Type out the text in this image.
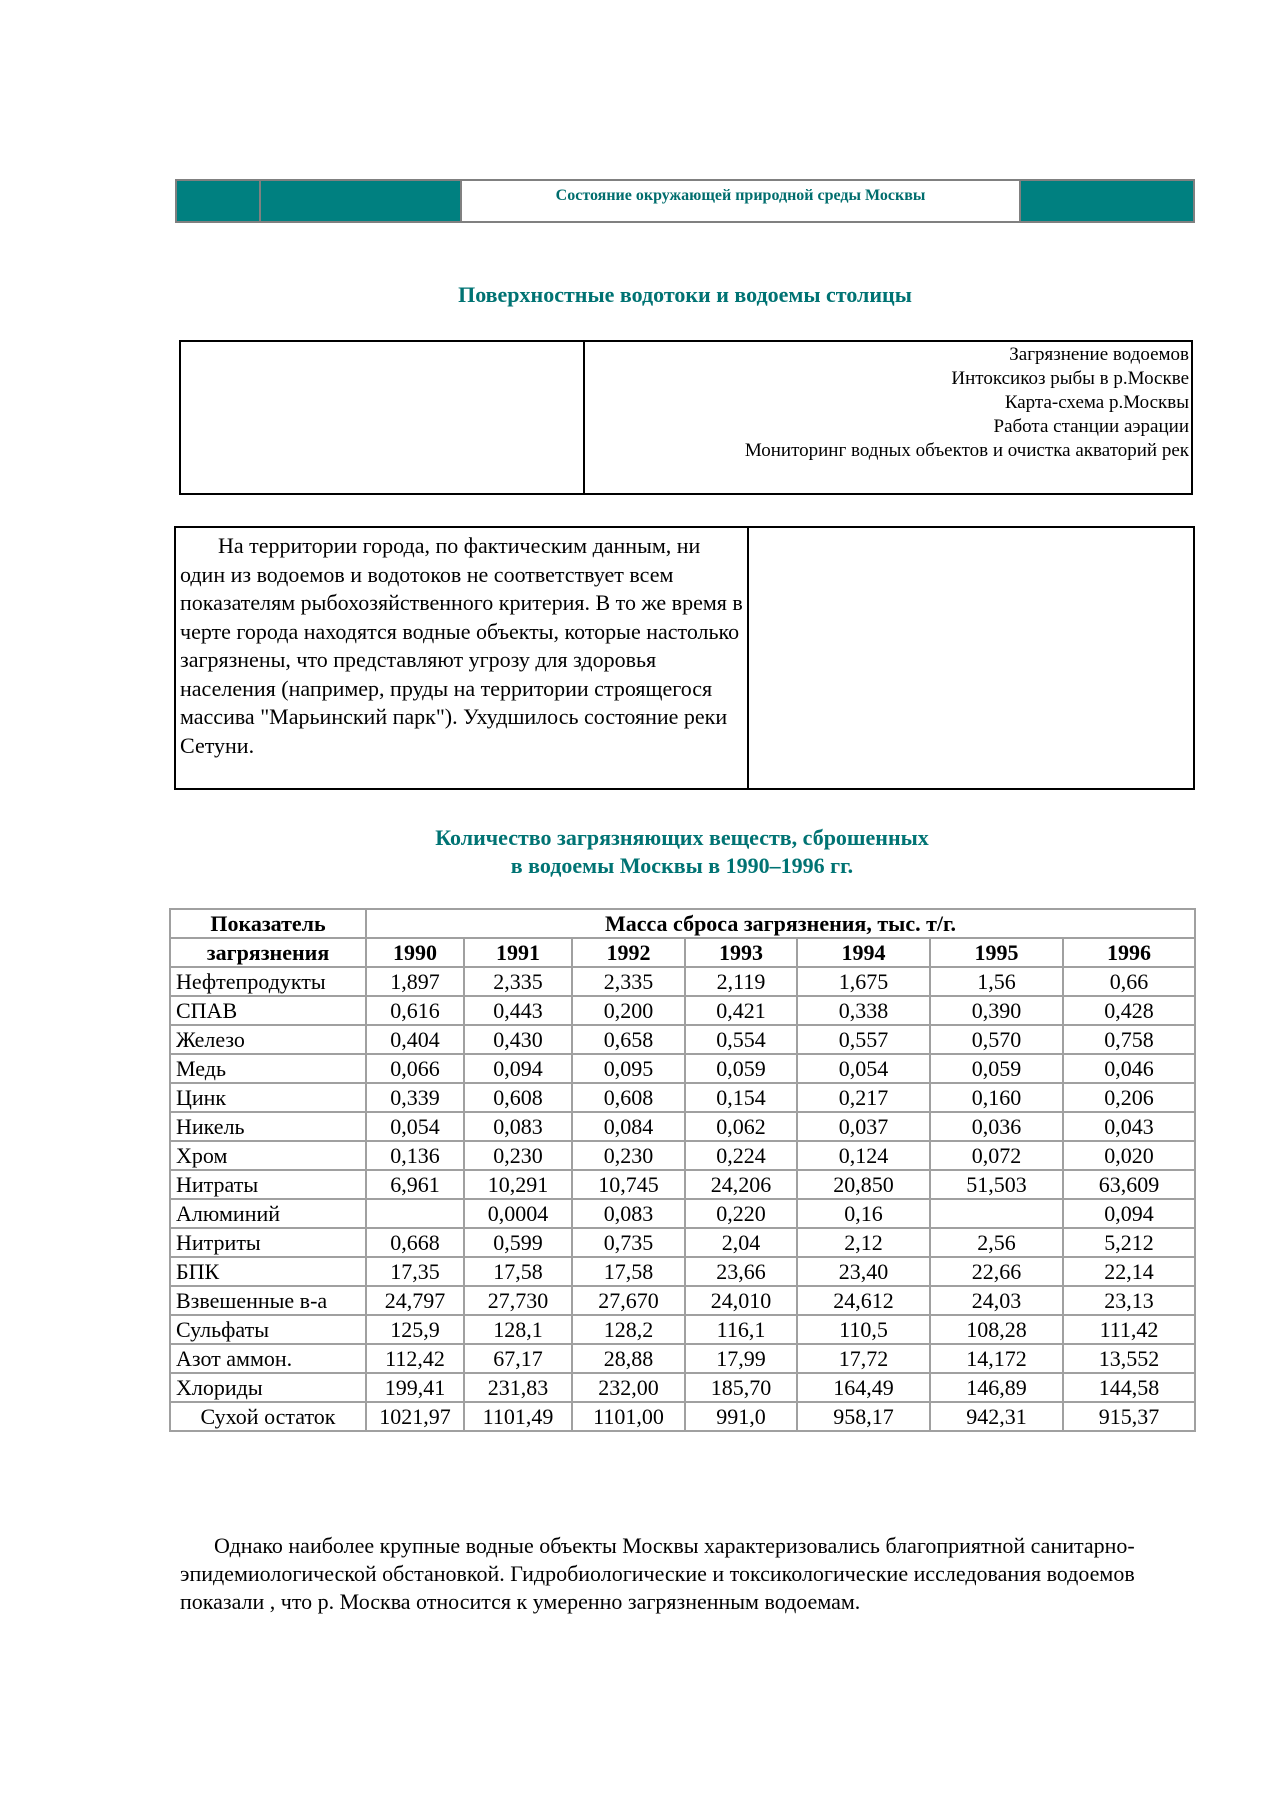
Состояние окружающей природной среды Москвы
Поверхностные водотоки и водоемы столицы
Загрязнение водоемов
Интоксикоз рыбы в р.Москве
Карта-схема р.Москвы
Работа станции аэрации
Мониторинг водных объектов и очистка акваторий рек
На территории города, по фактическим данным, ни один из водоемов и водотоков не соответствует всем показателям рыбохозяйственного критерия. В то же время в черте города находятся водные объекты, которые настолько загрязнены, что представляют угрозу для здоровья населения (например, пруды на территории строящегося массива "Марьинский парк"). Ухудшилось состояние реки Сетуни.
Количество загрязняющих веществ, сброшенных
в водоемы Москвы в 1990–1996 гг.
Показатель	Масса сброса загрязнения, тыс. т/г.						
загрязнения	1990	1991	1992	1993	1994	1995	1996
Нефтепродукты	1,897	2,335	2,335	2,119	1,675	1,56	0,66
СПАВ	0,616	0,443	0,200	0,421	0,338	0,390	0,428
Железо	0,404	0,430	0,658	0,554	0,557	0,570	0,758
Медь	0,066	0,094	0,095	0,059	0,054	0,059	0,046
Цинк	0,339	0,608	0,608	0,154	0,217	0,160	0,206
Никель	0,054	0,083	0,084	0,062	0,037	0,036	0,043
Хром	0,136	0,230	0,230	0,224	0,124	0,072	0,020
Нитраты	6,961	10,291	10,745	24,206	20,850	51,503	63,609
Алюминий		0,0004	0,083	0,220	0,16		0,094
Нитриты	0,668	0,599	0,735	2,04	2,12	2,56	5,212
БПК	17,35	17,58	17,58	23,66	23,40	22,66	22,14
Взвешенные в-а	24,797	27,730	27,670	24,010	24,612	24,03	23,13
Сульфаты	125,9	128,1	128,2	116,1	110,5	108,28	111,42
Азот аммон.	112,42	67,17	28,88	17,99	17,72	14,172	13,552
Хлориды	199,41	231,83	232,00	185,70	164,49	146,89	144,58
Сухой остаток	1021,97	1101,49	1101,00	991,0	958,17	942,31	915,37
Однако наиболее крупные водные объекты Москвы характеризовались благоприятной санитарно-эпидемиологической обстановкой. Гидробиологические и токсикологические исследования водоемов показали , что р. Москва относится к умеренно загрязненным водоемам.
